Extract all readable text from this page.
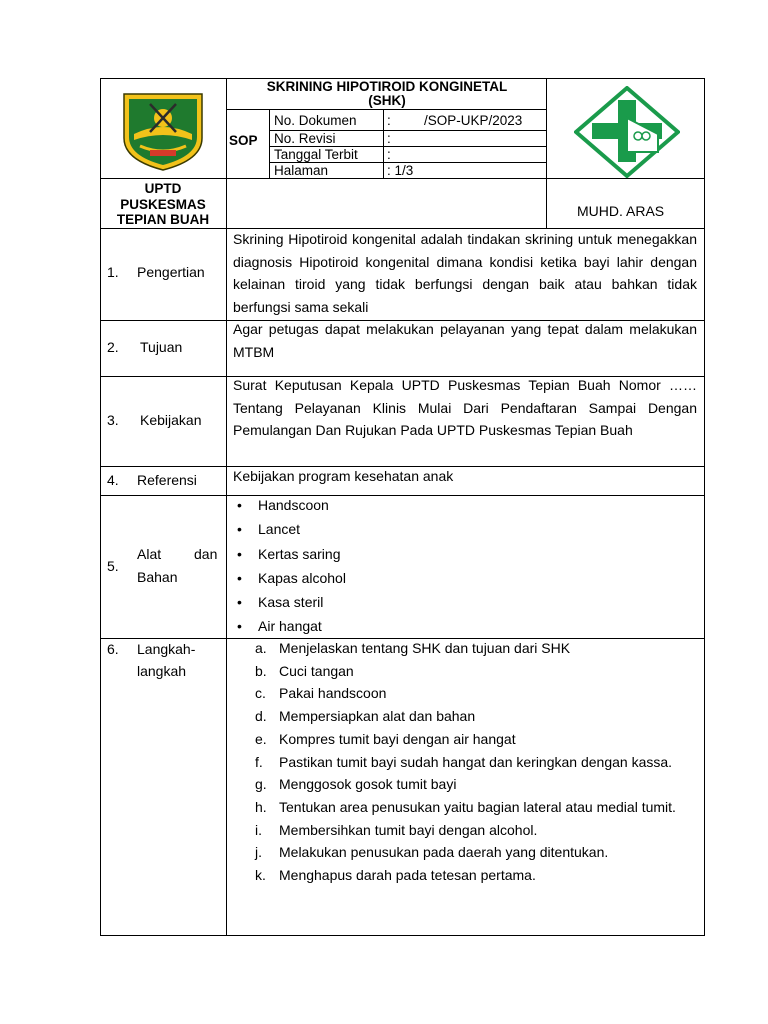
SKRINING HIPOTIROID KONGINETAL
(SHK)
SOP
No. Dokumen : /SOP-UKP/2023
No. Revisi	:
Tanggal Terbit :
Halaman	: 1/3
UPTD
PUSKESMAS
TEPIAN BUAH
MUHD. ARAS
1. Pengertian
Skrining Hipotiroid kongenital adalah tindakan skrining untuk menegakkan diagnosis Hipotiroid kongenital dimana kondisi ketika bayi lahir dengan kelainan tiroid yang tidak berfungsi dengan baik atau bahkan tidak berfungsi sama sekali
2. Tujuan
Agar petugas dapat melakukan pelayanan yang tepat dalam melakukan MTBM
3. Kebijakan
Surat Keputusan Kepala UPTD Puskesmas Tepian Buah Nomor …… Tentang Pelayanan Klinis Mulai Dari Pendaftaran Sampai Dengan Pemulangan Dan Rujukan Pada UPTD Puskesmas Tepian Buah
4. Referensi	Kebijakan program kesehatan anak
5.
Alat dan
Bahan
• Handscoon
• Lancet
• Kertas saring
• Kapas alcohol
• Kasa steril
• Air hangat
6. Langkah-
langkah
a. Menjelaskan tentang SHK dan tujuan dari SHK
b. Cuci tangan
c. Pakai handscoon
d. Mempersiapkan alat dan bahan
e. Kompres tumit bayi dengan air hangat
f. Pastikan tumit bayi sudah hangat dan keringkan dengan kassa.
g. Menggosok gosok tumit bayi
h. Tentukan area penusukan yaitu bagian lateral atau medial tumit.
i. Membersihkan tumit bayi dengan alcohol.
j. Melakukan penusukan pada daerah yang ditentukan.
k. Menghapus darah pada tetesan pertama.
